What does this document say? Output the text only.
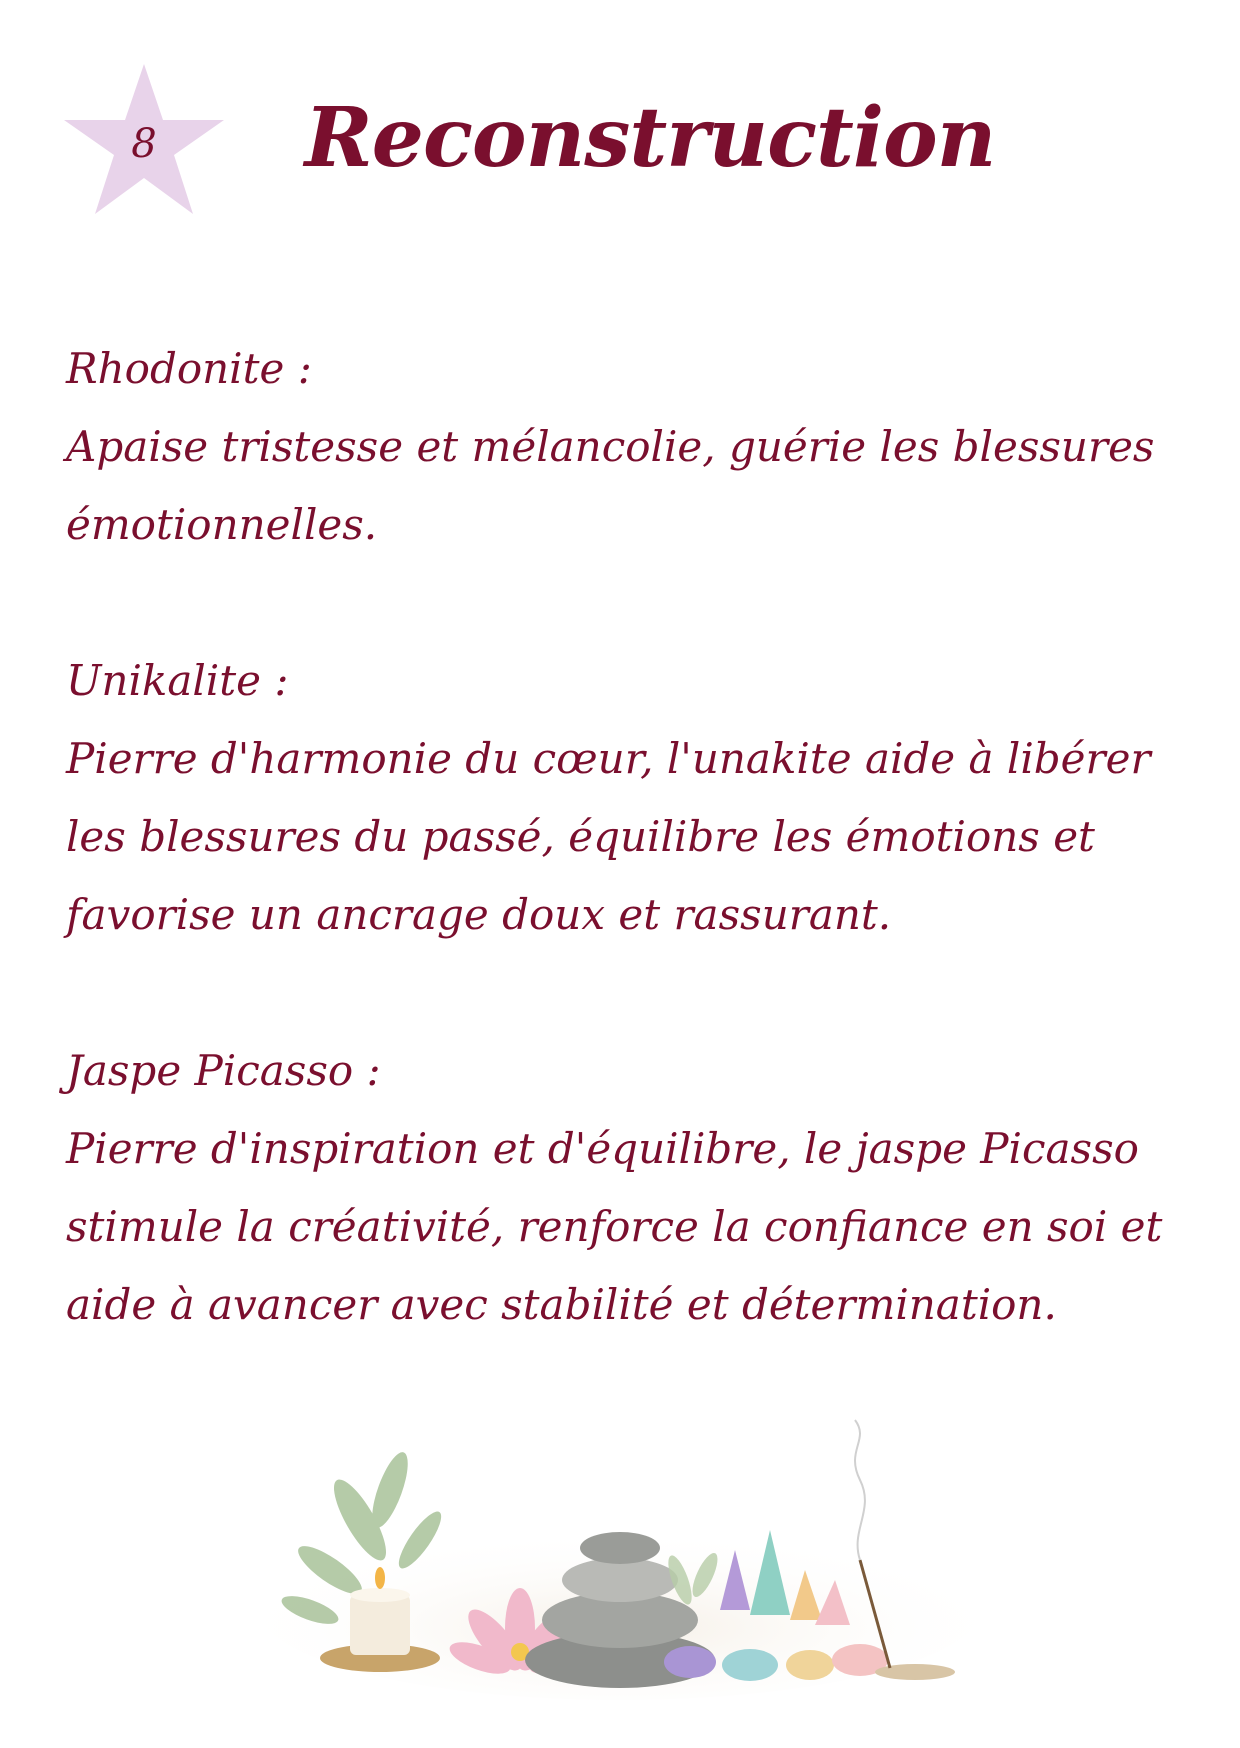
8	Reconstruction
Rhodonite :
Apaise tristesse et mélancolie, guérie les blessures émotionnelles.
Unikalite :
Pierre d'harmonie du cœur, l'unakite aide à libérer les blessures du passé, équilibre les émotions et favorise un ancrage doux et rassurant.
Jaspe Picasso :
Pierre d'inspiration et d'équilibre, le jaspe Picasso stimule la créativité, renforce la confiance en soi et aide à avancer avec stabilité et détermination.
